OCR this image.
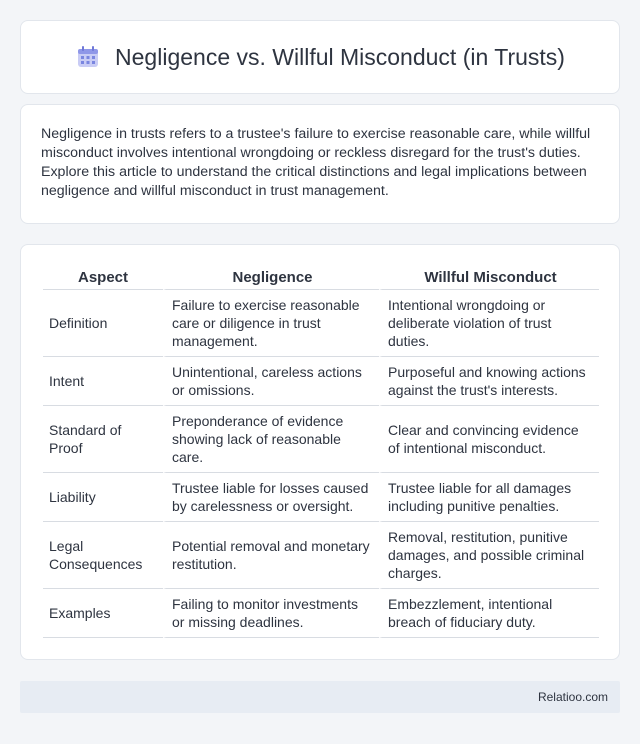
Negligence vs. Willful Misconduct (in Trusts)

Negligence in trusts refers to a trustee's failure to exercise reasonable care, while willful misconduct involves intentional wrongdoing or reckless disregard for the trust's duties. Explore this article to understand the critical distinctions and legal implications between negligence and willful misconduct in trust management.

Aspect	Negligence	Willful Misconduct
Definition	Failure to exercise reasonable care or diligence in trust management.	Intentional wrongdoing or deliberate violation of trust duties.
Intent	Unintentional, careless actions or omissions.	Purposeful and knowing actions against the trust's interests.
Standard of Proof	Preponderance of evidence showing lack of reasonable care.	Clear and convincing evidence of intentional misconduct.
Liability	Trustee liable for losses caused by carelessness or oversight.	Trustee liable for all damages including punitive penalties.
Legal Consequences	Potential removal and monetary restitution.	Removal, restitution, punitive damages, and possible criminal charges.
Examples	Failing to monitor investments or missing deadlines.	Embezzlement, intentional breach of fiduciary duty.
Relatioo.com
